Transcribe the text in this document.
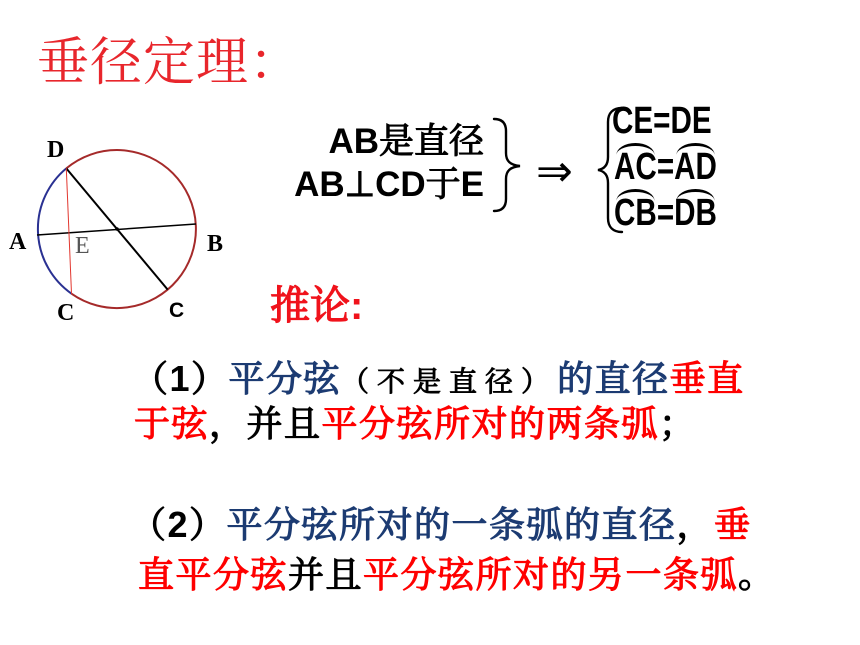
D
A E	B
C	C
垂径定理：
AB是直径
AB⊥CD于E ⇒
CE=DE
AC=AD
CB=DB
推论:
（1）平分弦（不是直径）的直径垂直
于弦，并且平分弦所对的两条弧；
（2）平分弦所对的一条弧的直径，垂
直平分弦并且平分弦所对的另一条弧。
